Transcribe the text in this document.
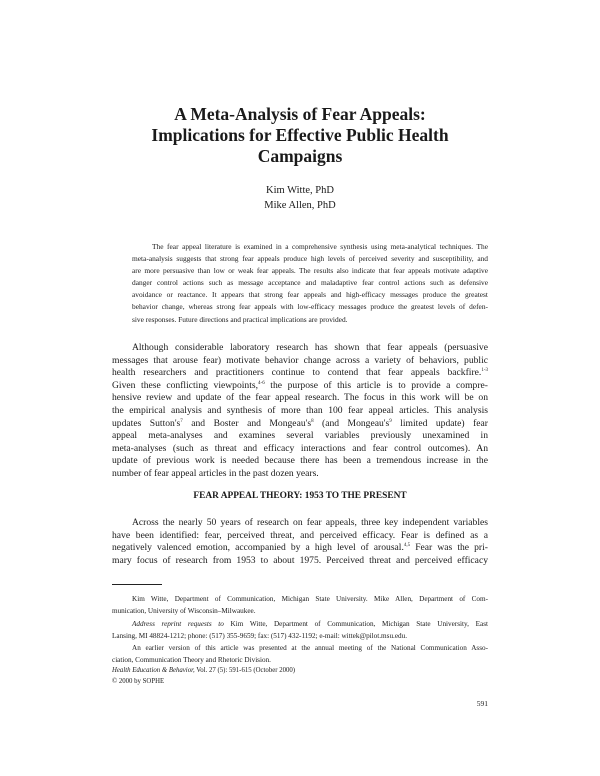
A Meta-Analysis of Fear Appeals:
Implications for Effective Public Health
Campaigns
Kim Witte, PhD
Mike Allen, PhD
The fear appeal literature is examined in a comprehensive synthesis using meta-analytical techniques. The
meta-analysis suggests that strong fear appeals produce high levels of perceived severity and susceptibility, and
are more persuasive than low or weak fear appeals. The results also indicate that fear appeals motivate adaptive
danger control actions such as message acceptance and maladaptive fear control actions such as defensive
avoidance or reactance. It appears that strong fear appeals and high-efficacy messages produce the greatest
behavior change, whereas strong fear appeals with low-efficacy messages produce the greatest levels of defen-
sive responses. Future directions and practical implications are provided.
Although considerable laboratory research has shown that fear appeals (persuasive
messages that arouse fear) motivate behavior change across a variety of behaviors, public
health researchers and practitioners continue to contend that fear appeals backfire.$^{1-3}$
Given these conflicting viewpoints,$^{4-6}$ the purpose of this article is to provide a compre-
hensive review and update of the fear appeal research. The focus in this work will be on
the empirical analysis and synthesis of more than 100 fear appeal articles. This analysis
updates $Sutton's^7$ and Boster and $Mongeau's^8$ (and $Mongeau's^9$ limited update) fear
appeal meta-analyses and examines several variables previously unexamined in
meta-analyses (such as threat and efficacy interactions and fear control outcomes). An
update of previous work is needed because there has been a tremendous increase in the
number of fear appeal articles in the past dozen years.
FEAR APPEAL THEORY: 1953 TO THE PRESENT
Across the nearly 50 years of research on fear appeals, three key independent variables
have been identified: fear, perceived threat, and perceived efficacy. Fear is defined as a
negatively valenced emotion, accompanied by a high level of arousal.$^{4,5}$ Fear was the pri-
mary focus of research from 1953 to about 1975. Perceived threat and perceived efficacy
Kim Witte, Department of Communication, Michigan State University. Mike Allen, Department of Com-
munication, University of Wisconsin–Milwaukee.
Address reprint requests to Kim Witte, Department of Communication, Michigan State University, East
Lansing, MI 48824-1212; phone: (517) 355-9659; fax: (517) 432-1192; e-mail: wittek@pilot.msu.edu.
An earlier version of this article was presented at the annual meeting of the National Communication Asso-
ciation, Communication Theory and Rhetoric Division.
Health Education & Behavior, Vol. 27 (5): 591-615 (October 2000)
© 2000 by SOPHE
591
